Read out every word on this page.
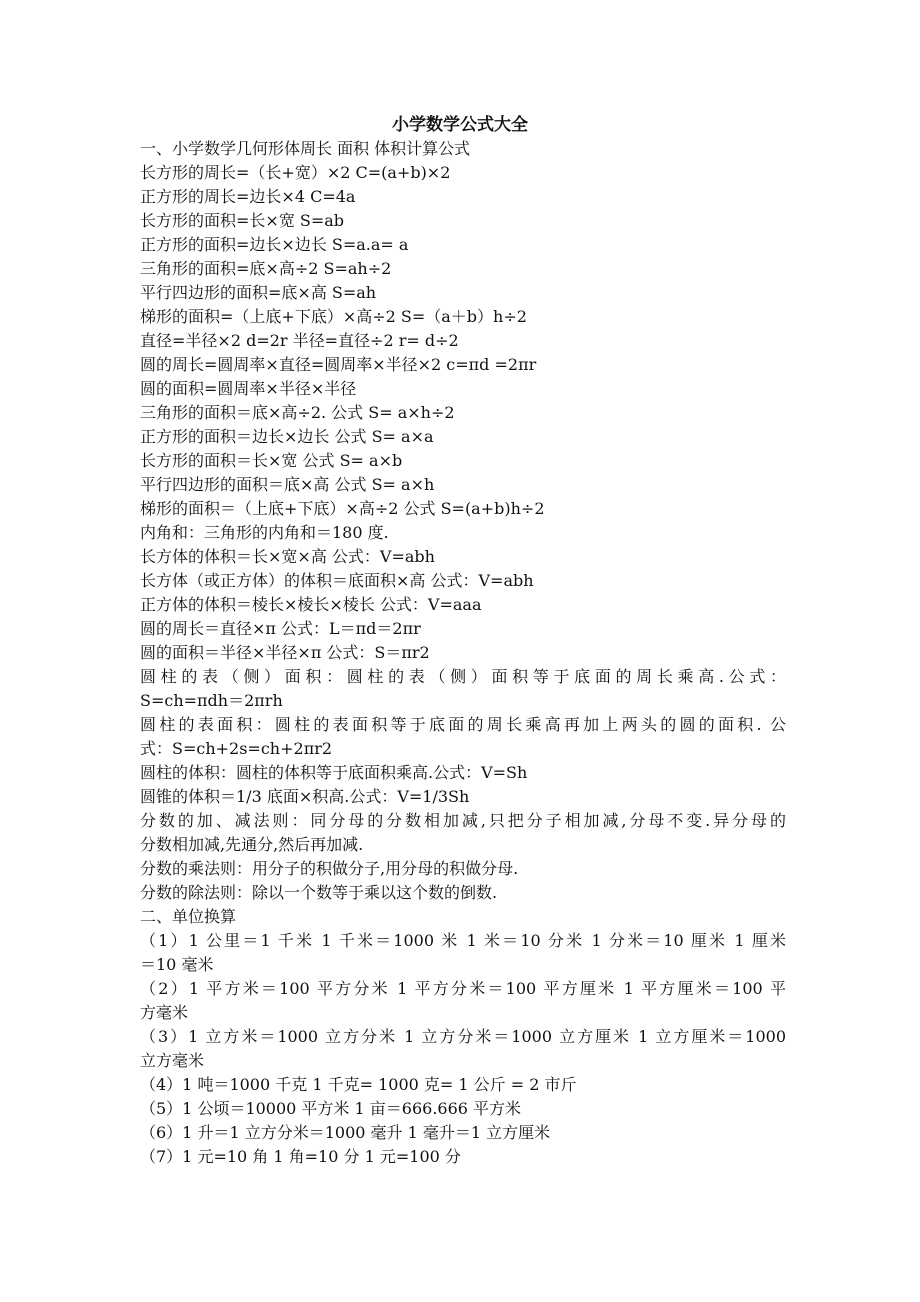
小学数学公式大全
一、小学数学几何形体周长 面积 体积计算公式
长方形的周长=（长+宽）×2 C=(a+b)×2
正方形的周长=边长×4 C=4a
长方形的面积=长×宽 S=ab
正方形的面积=边长×边长 S=a.a= a
三角形的面积=底×高÷2 S=ah÷2
平行四边形的面积=底×高 S=ah
梯形的面积=（上底+下底）×高÷2 S=（a＋b）h÷2
直径=半径×2 d=2r 半径=直径÷2 r= d÷2
圆的周长=圆周率×直径=圆周率×半径×2 c=πd =2πr
圆的面积=圆周率×半径×半径
三角形的面积＝底×高÷2. 公式 S= a×h÷2
正方形的面积＝边长×边长 公式 S= a×a
长方形的面积＝长×宽 公式 S= a×b
平行四边形的面积＝底×高 公式 S= a×h
梯形的面积＝（上底+下底）×高÷2 公式 S=(a+b)h÷2
内角和：三角形的内角和＝180 度.
长方体的体积＝长×宽×高 公式：V=abh
长方体（或正方体）的体积＝底面积×高 公式：V=abh
正方体的体积＝棱长×棱长×棱长 公式：V=aaa
圆的周长＝直径×π 公式：L＝πd＝2πr
圆的面积＝半径×半径×π 公式：S＝πr2
圆柱的表（侧）面积：圆柱的表（侧）面积等于底面的周长乘高.公式：
S=ch=πdh＝2πrh
圆柱的表面积：圆柱的表面积等于底面的周长乘高再加上两头的圆的面积. 公
式：S=ch+2s=ch+2πr2
圆柱的体积：圆柱的体积等于底面积乘高.公式：V=Sh
圆锥的体积＝1/3 底面×积高.公式：V=1/3Sh
分数的加、减法则：同分母的分数相加减,只把分子相加减,分母不变.异分母的
分数相加减,先通分,然后再加减.
分数的乘法则：用分子的积做分子,用分母的积做分母.
分数的除法则：除以一个数等于乘以这个数的倒数.
二、单位换算
（1）1 公里＝1 千米 1 千米＝1000 米 1 米＝10 分米 1 分米＝10 厘米 1 厘米
＝10 毫米
（2）1 平方米＝100 平方分米 1 平方分米＝100 平方厘米 1 平方厘米＝100 平
方毫米
（3）1 立方米＝1000 立方分米 1 立方分米＝1000 立方厘米 1 立方厘米＝1000
立方毫米
（4）1 吨＝1000 千克 1 千克= 1000 克= 1 公斤 = 2 市斤
（5）1 公顷＝10000 平方米 1 亩＝666.666 平方米
（6）1 升＝1 立方分米＝1000 毫升 1 毫升＝1 立方厘米
（7）1 元=10 角 1 角=10 分 1 元=100 分
